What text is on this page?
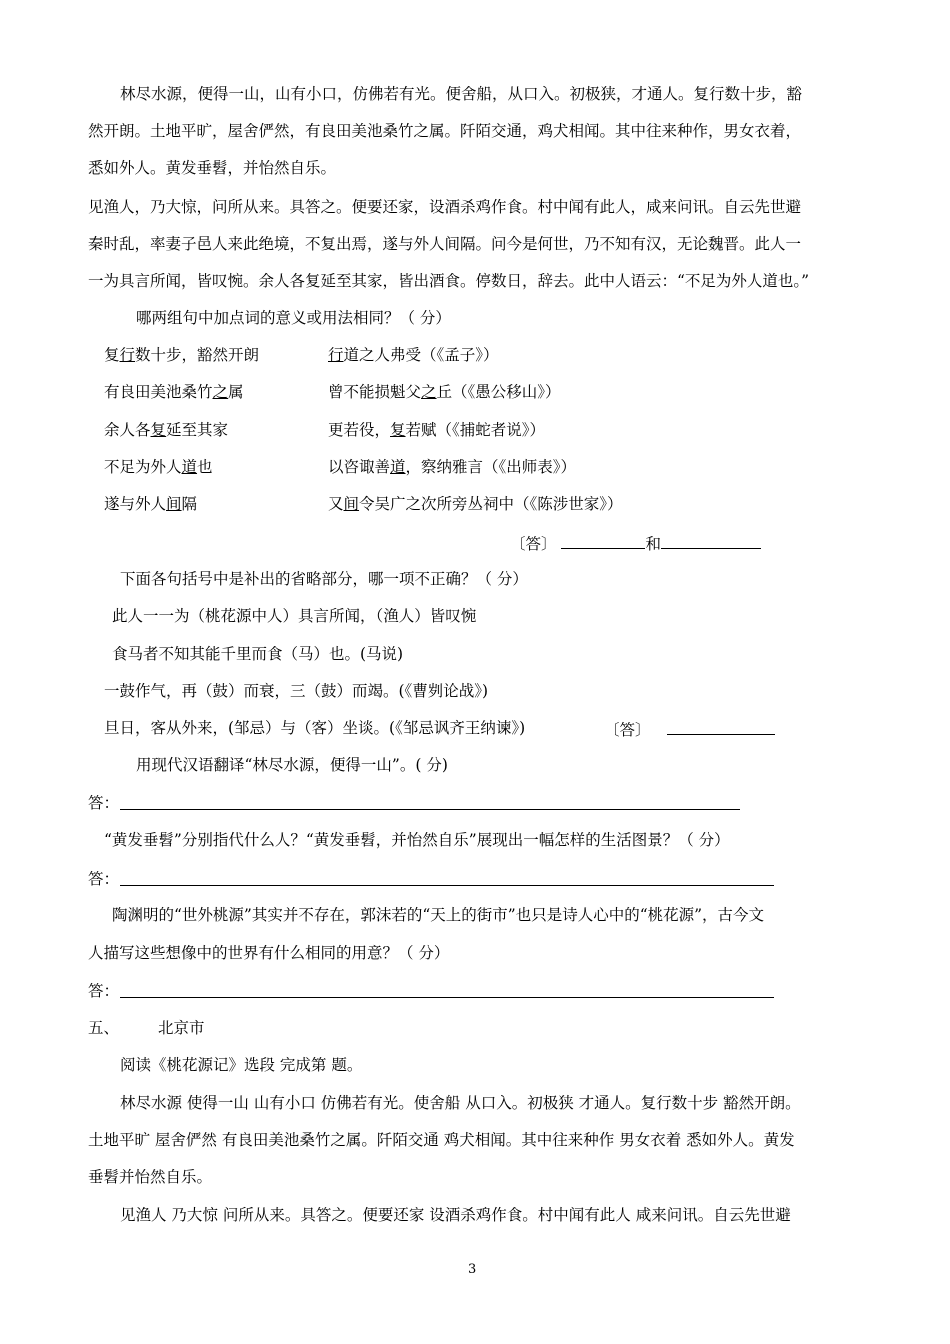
林尽水源，便得一山，山有小口，仿佛若有光。便舍船，从口入。初极狭，才通人。复行数十步，豁
然开朗。土地平旷，屋舍俨然，有良田美池桑竹之属。阡陌交通，鸡犬相闻。其中往来种作，男女衣着，
悉如外人。黄发垂髫，并怡然自乐。
见渔人，乃大惊，问所从来。具答之。便要还家，设酒杀鸡作食。村中闻有此人，咸来问讯。自云先世避
秦时乱，率妻子邑人来此绝境，不复出焉，遂与外人间隔。问今是何世，乃不知有汉，无论魏晋。此人一
一为具言所闻，皆叹惋。余人各复延至其家，皆出酒食。停数日，辞去。此中人语云：“不足为外人道也。”
哪两组句中加点词的意义或用法相同？（ 分）
复行数十步，豁然开朗	行道之人弗受（《孟子》）
有良田美池桑竹之属	曾不能损魁父之丘（《愚公移山》）
余人各复延至其家	更若役，复若赋（《捕蛇者说》）
不足为外人道也	以咨诹善道，察纳雅言（《出师表》）
遂与外人间隔	又间令吴广之次所旁丛祠中（《陈涉世家》）
〔答〕	和
下面各句括号中是补出的省略部分，哪一项不正确？（ 分）
此人一一为（桃花源中人）具言所闻，（渔人）皆叹惋
食马者不知其能千里而食（马）也。(马说)
一鼓作气，再（鼓）而衰，三（鼓）而竭。(《曹刿论战》)
旦日，客从外来，(邹忌）与（客）坐谈。(《邹忌讽齐王纳谏》)	〔答〕
用现代汉语翻译“林尽水源，便得一山”。( 分)
答：
“黄发垂髫”分别指代什么人？“黄发垂髫，并怡然自乐”展现出一幅怎样的生活图景？（ 分）
答：
陶渊明的“世外桃源”其实并不存在，郭沫若的“天上的街市”也只是诗人心中的“桃花源”，古今文
人描写这些想像中的世界有什么相同的用意？（ 分）
答：
五、	北京市
阅读《桃花源记》选段 完成第 题。
林尽水源 使得一山 山有小口 仿佛若有光。使舍船 从口入。初极狭 才通人。复行数十步 豁然开朗。
土地平旷 屋舍俨然 有良田美池桑竹之属。阡陌交通 鸡犬相闻。其中往来种作 男女衣着 悉如外人。黄发
垂髫并怡然自乐。
见渔人 乃大惊 问所从来。具答之。便要还家 设酒杀鸡作食。村中闻有此人 咸来问讯。自云先世避
3
